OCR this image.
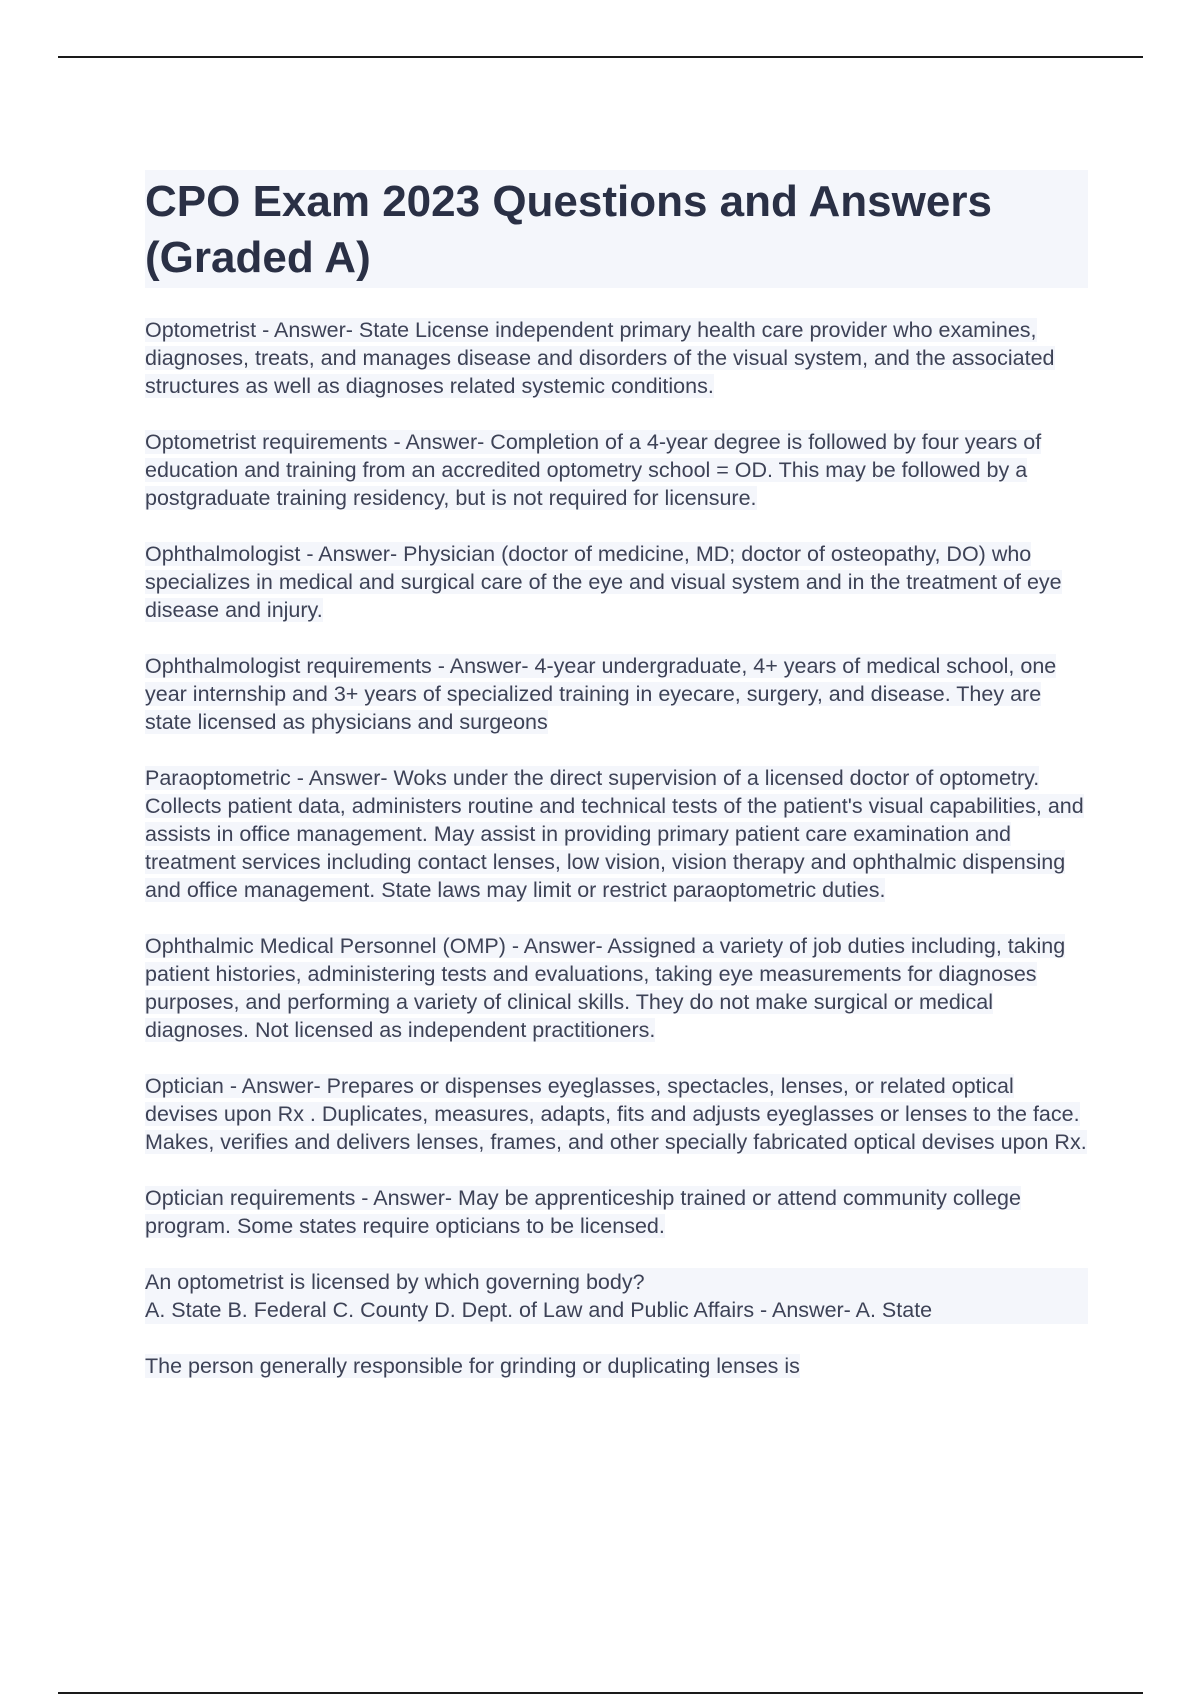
CPO Exam 2023 Questions and Answers
(Graded A)

Optometrist - Answer- State License independent primary health care provider who examines, diagnoses, treats, and manages disease and disorders of the visual system, and the associated structures as well as diagnoses related systemic conditions.

Optometrist requirements - Answer- Completion of a 4-year degree is followed by four years of education and training from an accredited optometry school = OD. This may be followed by a postgraduate training residency, but is not required for licensure.

Ophthalmologist - Answer- Physician (doctor of medicine, MD; doctor of osteopathy, DO) who specializes in medical and surgical care of the eye and visual system and in the treatment of eye disease and injury.

Ophthalmologist requirements - Answer- 4-year undergraduate, 4+ years of medical school, one year internship and 3+ years of specialized training in eyecare, surgery, and disease. They are state licensed as physicians and surgeons

Paraoptometric - Answer- Woks under the direct supervision of a licensed doctor of optometry. Collects patient data, administers routine and technical tests of the patient's visual capabilities, and assists in office management. May assist in providing primary patient care examination and treatment services including contact lenses, low vision, vision therapy and ophthalmic dispensing and office management. State laws may limit or restrict paraoptometric duties.

Ophthalmic Medical Personnel (OMP) - Answer- Assigned a variety of job duties including, taking patient histories, administering tests and evaluations, taking eye measurements for diagnoses purposes, and performing a variety of clinical skills. They do not make surgical or medical diagnoses. Not licensed as independent practitioners.

Optician - Answer- Prepares or dispenses eyeglasses, spectacles, lenses, or related optical devises upon Rx . Duplicates, measures, adapts, fits and adjusts eyeglasses or lenses to the face. Makes, verifies and delivers lenses, frames, and other specially fabricated optical devises upon Rx.

Optician requirements - Answer- May be apprenticeship trained or attend community college program. Some states require opticians to be licensed.

An optometrist is licensed by which governing body?
A. State B. Federal C. County D. Dept. of Law and Public Affairs - Answer- A. State

The person generally responsible for grinding or duplicating lenses is
